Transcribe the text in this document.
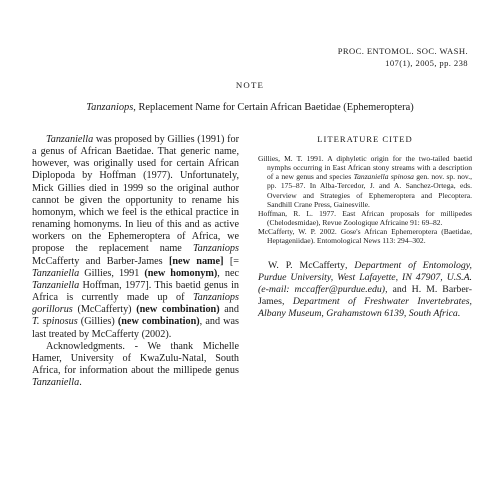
PROC. ENTOMOL. SOC. WASH.
107(1), 2005, pp. 238
NOTE
Tanzaniops, Replacement Name for Certain African Baetidae (Ephemeroptera)

Tanzaniella was proposed by Gillies (1991) for a genus of African Baetidae. That generic name, however, was originally used for certain African Diplopoda by Hoffman (1977). Unfortunately, Mick Gillies died in 1999 so the original author cannot be given the opportunity to rename his homonym, which we feel is the ethical practice in renaming homonyms. In lieu of this and as active workers on the Ephemeroptera of Africa, we propose the replacement name Tanzaniops McCafferty and Barber-James [new name] [= Tanzaniella Gillies, 1991 (new homonym), nec Tanzaniella Hoffman, 1977]. This baetid genus in Africa is currently made up of Tanzaniops gorillorus (McCafferty) (new combination) and T. spinosus (Gillies) (new combination), and was last treated by McCafferty (2002).

Acknowledgments. - We thank Michelle Hamer, University of KwaZulu-Natal, South Africa, for information about the millipede genus Tanzaniella.

LITERATURE CITED
Gillies, M. T. 1991. A diphyletic origin for the two-tailed baetid nymphs occurring in East African stony streams with a description of a new genus and species Tanzaniella spinosa gen. nov. sp. nov., pp. 175–87. In Alba-Tercedor, J. and A. Sanchez-Ortega, eds. Overview and Strategies of Ephemeroptera and Plecoptera. Sandhill Crane Press, Gainesville.
Hoffman, R. L. 1977. East African proposals for millipedes (Chelodesmidae), Revue Zoologique Africaine 91: 69–82.
McCafferty, W. P. 2002. Gose's African Ephemeroptera (Baetidae, Heptageniidae). Entomological News 113: 294–302.
W. P. McCafferty, Department of Entomology, Purdue University, West Lafayette, IN 47907, U.S.A. (e-mail: mccaffer@purdue.edu), and H. M. Barber-James, Department of Freshwater Invertebrates, Albany Museum, Grahamstown 6139, South Africa.
